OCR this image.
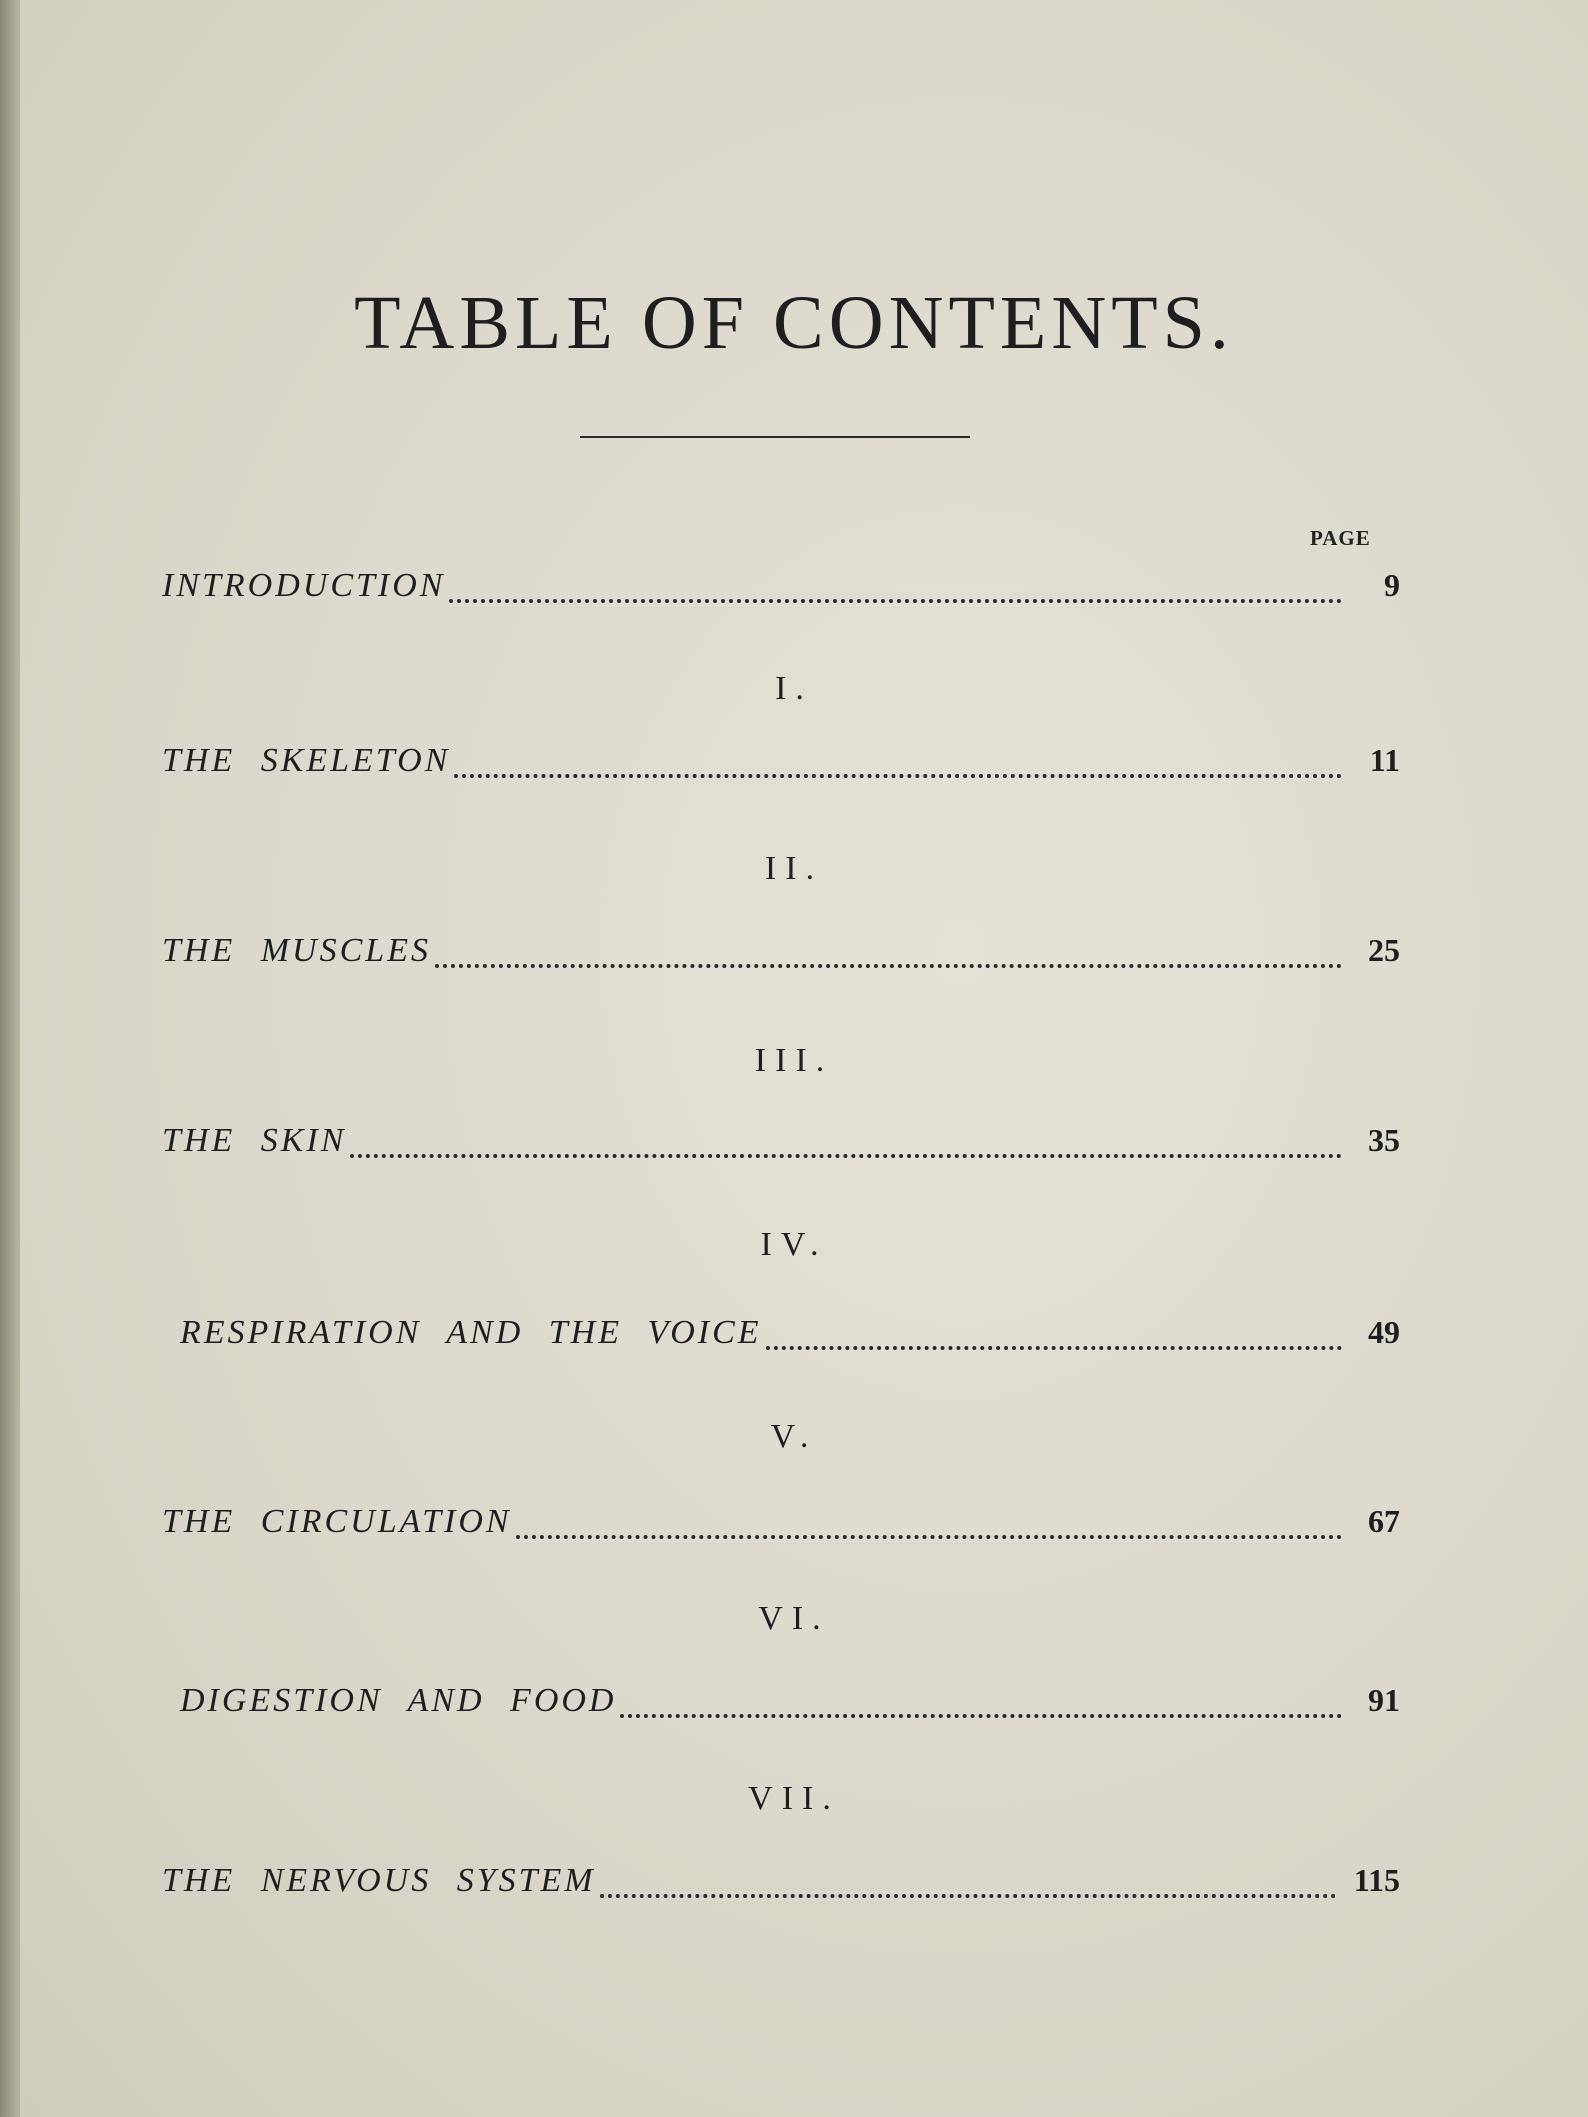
TABLE OF CONTENTS.
PAGE
INTRODUCTION	9
I.
THE SKELETON	11
II.
THE MUSCLES	25
III.
THE SKIN	35
IV.
RESPIRATION AND THE VOICE	49
V.
THE CIRCULATION	67
VI.
DIGESTION AND FOOD	91
VII.
THE NERVOUS SYSTEM	115
